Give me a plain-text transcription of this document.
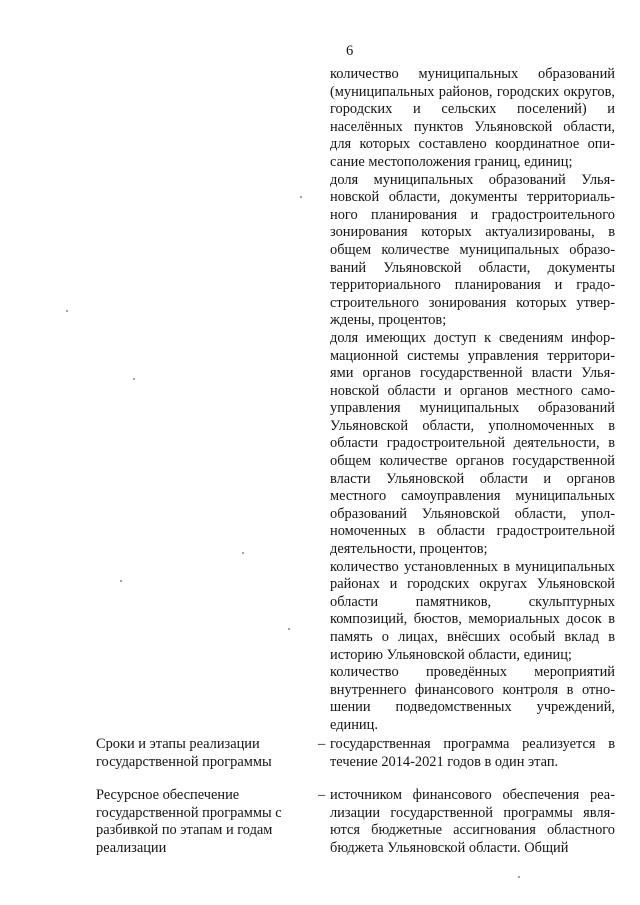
6

количество муниципальных образований (муниципальных районов, городских округов, городских и сельских поселений) и населённых пунктов Ульяновской области, для которых составлено координатное описание местоположения границ, единиц;

доля муниципальных образований Ульяновской области, документы территориального планирования и градостроительного зонирования которых актуализированы, в общем количестве муниципальных образований Ульяновской области, документы территориального планирования и градостроительного зонирования которых утверждены, процентов;

доля имеющих доступ к сведениям информационной системы управления территориями органов государственной власти Ульяновской области и органов местного самоуправления муниципальных образований Ульяновской области, уполномоченных в области градостроительной деятельности, в общем количестве органов государственной власти Ульяновской области и органов местного самоуправления муниципальных образований Ульяновской области, уполномоченных в области градостроительной деятельности, процентов;

количество установленных в муниципальных районах и городских округах Ульяновской области памятников, скульптурных композиций, бюстов, мемориальных досок в память о лицах, внёсших особый вклад в историю Ульяновской области, единиц;

количество проведённых мероприятий внутреннего финансового контроля в отношении подведомственных учреждений, единиц.

Сроки и этапы реализации государственной программы
– государственная программа реализуется в течение 2014-2021 годов в один этап.
Ресурсное обеспечение государственной программы с разбивкой по этапам и годам реализации
– источником финансового обеспечения реализации государственной программы являются бюджетные ассигнования областного бюджета Ульяновской области. Общий
